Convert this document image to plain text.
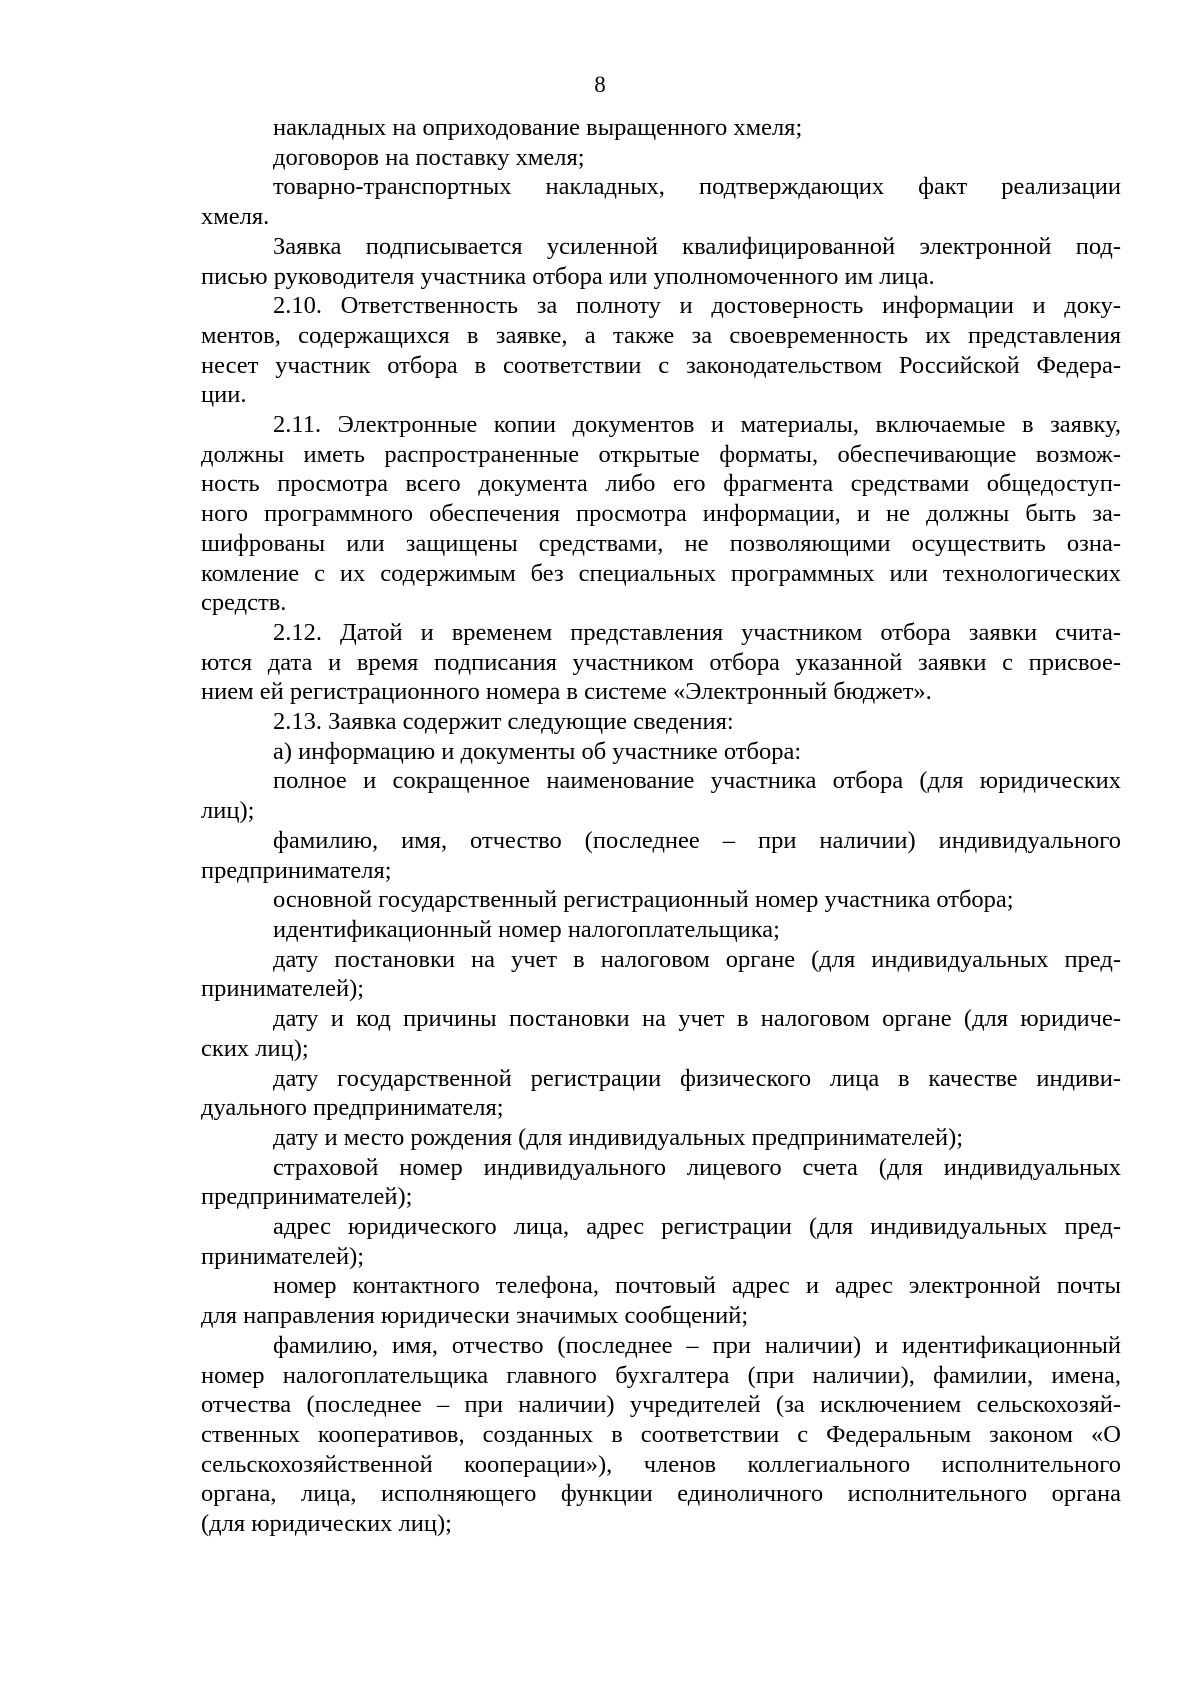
8
накладных на оприходование выращенного хмеля;
договоров на поставку хмеля;
товарно-транспортных накладных, подтверждающих факт реализации
хмеля.
Заявка подписывается усиленной квалифицированной электронной под-
писью руководителя участника отбора или уполномоченного им лица.
2.10. Ответственность за полноту и достоверность информации и доку-
ментов, содержащихся в заявке, а также за своевременность их представления
несет участник отбора в соответствии с законодательством Российской Федера-
ции.
2.11. Электронные копии документов и материалы, включаемые в заявку,
должны иметь распространенные открытые форматы, обеспечивающие возмож-
ность просмотра всего документа либо его фрагмента средствами общедоступ-
ного программного обеспечения просмотра информации, и не должны быть за-
шифрованы или защищены средствами, не позволяющими осуществить озна-
комление с их содержимым без специальных программных или технологических
средств.
2.12. Датой и временем представления участником отбора заявки счита-
ются дата и время подписания участником отбора указанной заявки с присвое-
нием ей регистрационного номера в системе «Электронный бюджет».
2.13. Заявка содержит следующие сведения:
а) информацию и документы об участнике отбора:
полное и сокращенное наименование участника отбора (для юридических
лиц);
фамилию, имя, отчество (последнее – при наличии) индивидуального
предпринимателя;
основной государственный регистрационный номер участника отбора;
идентификационный номер налогоплательщика;
дату постановки на учет в налоговом органе (для индивидуальных пред-
принимателей);
дату и код причины постановки на учет в налоговом органе (для юридиче-
ских лиц);
дату государственной регистрации физического лица в качестве индиви-
дуального предпринимателя;
дату и место рождения (для индивидуальных предпринимателей);
страховой номер индивидуального лицевого счета (для индивидуальных
предпринимателей);
адрес юридического лица, адрес регистрации (для индивидуальных пред-
принимателей);
номер контактного телефона, почтовый адрес и адрес электронной почты
для направления юридически значимых сообщений;
фамилию, имя, отчество (последнее – при наличии) и идентификационный
номер налогоплательщика главного бухгалтера (при наличии), фамилии, имена,
отчества (последнее – при наличии) учредителей (за исключением сельскохозяй-
ственных кооперативов, созданных в соответствии с Федеральным законом «О
сельскохозяйственной кооперации»), членов коллегиального исполнительного
органа, лица, исполняющего функции единоличного исполнительного органа
(для юридических лиц);
